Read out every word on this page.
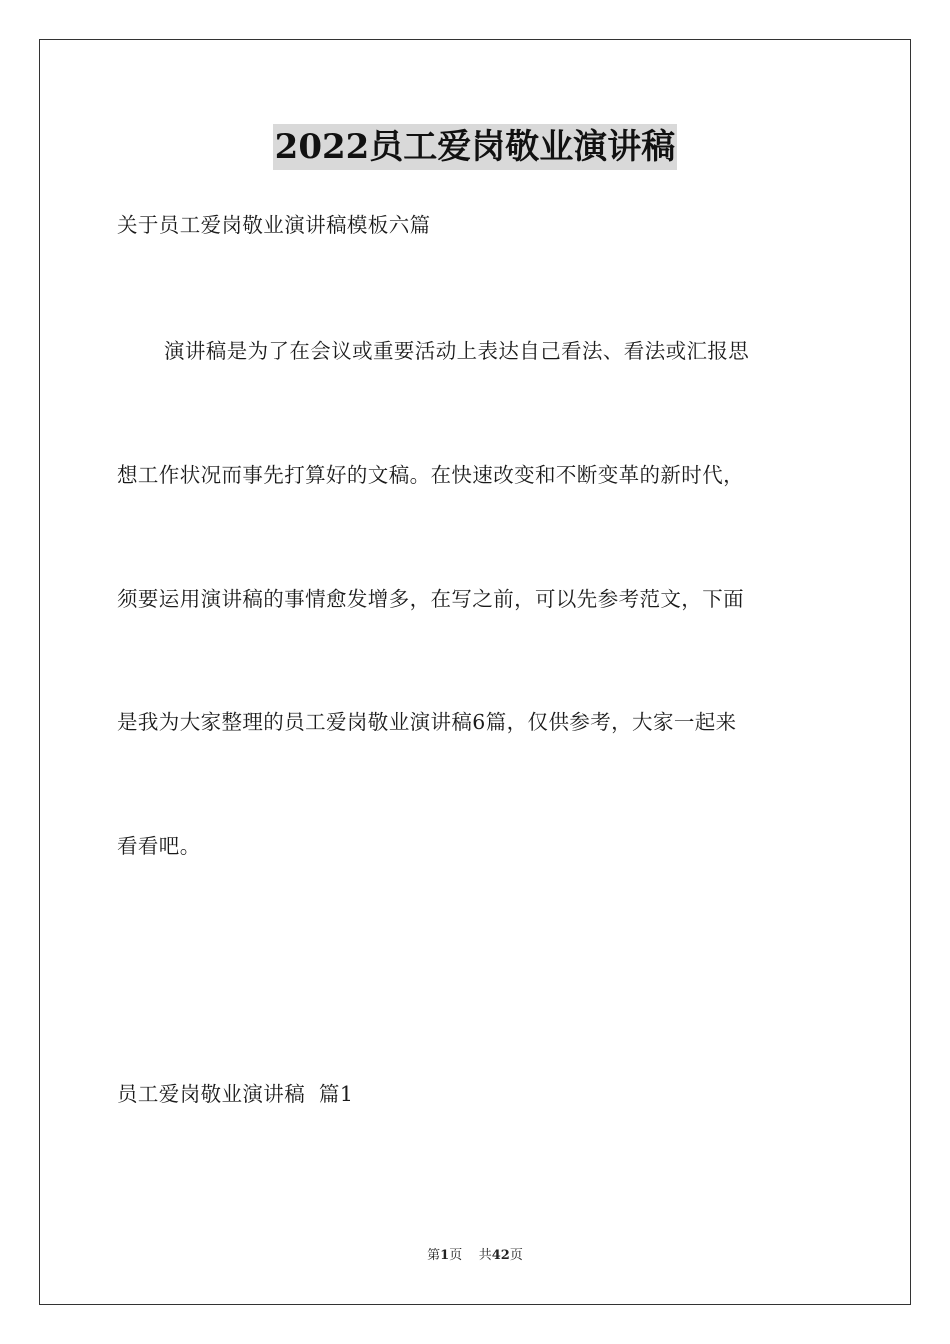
2022员工爱岗敬业演讲稿
关于员工爱岗敬业演讲稿模板六篇
演讲稿是为了在会议或重要活动上表达自己看法、看法或汇报思
想工作状况而事先打算好的文稿。在快速改变和不断变革的新时代，
须要运用演讲稿的事情愈发增多，在写之前，可以先参考范文，下面
是我为大家整理的员工爱岗敬业演讲稿6篇，仅供参考，大家一起来
看看吧。
员工爱岗敬业演讲稿  篇1
第1页    共42页
